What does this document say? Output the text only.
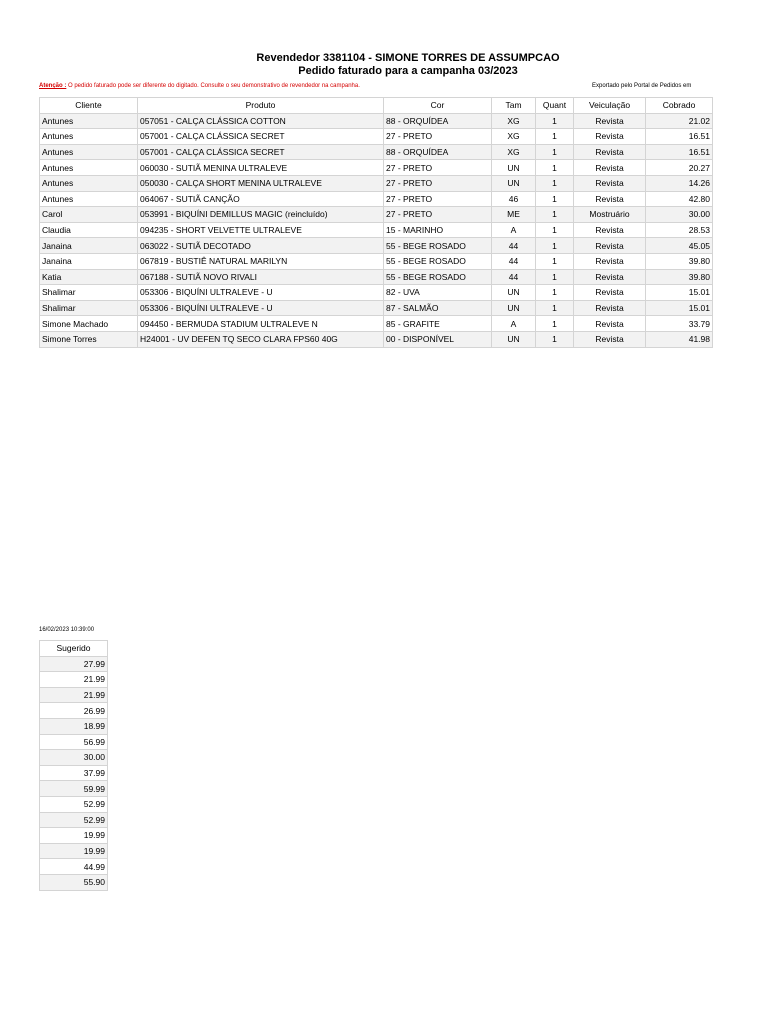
Revendedor 3381104 - SIMONE TORRES DE ASSUMPCAO
Pedido faturado para a campanha 03/2023
Atenção : O pedido faturado pode ser diferente do digitado. Consulte o seu demonstrativo de revendedor na campanha.	Exportado pelo Portal de Pedidos em
Cliente	Produto	Cor	Tam	Quant	Veiculação	Cobrado
Antunes	057051 - CALÇA CLÁSSICA COTTON	88 - ORQUÍDEA	XG	1	Revista	21.02
Antunes	057001 - CALÇA CLÁSSICA SECRET	27 - PRETO	XG	1	Revista	16.51
Antunes	057001 - CALÇA CLÁSSICA SECRET	88 - ORQUÍDEA	XG	1	Revista	16.51
Antunes	060030 - SUTIÃ MENINA ULTRALEVE	27 - PRETO	UN	1	Revista	20.27
Antunes	050030 - CALÇA SHORT MENINA ULTRALEVE	27 - PRETO	UN	1	Revista	14.26
Antunes	064067 - SUTIÃ CANÇÃO	27 - PRETO	46	1	Revista	42.80
Carol	053991 - BIQUÍNI DEMILLUS MAGIC (reincluído)	27 - PRETO	ME	1	Mostruário	30.00
Claudia	094235 - SHORT VELVETTE ULTRALEVE	15 - MARINHO	A	1	Revista	28.53
Janaina	063022 - SUTIÃ DECOTADO	55 - BEGE ROSADO	44	1	Revista	45.05
Janaina	067819 - BUSTIÊ NATURAL MARILYN	55 - BEGE ROSADO	44	1	Revista	39.80
Katia	067188 - SUTIÃ NOVO RIVALI	55 - BEGE ROSADO	44	1	Revista	39.80
Shalimar	053306 - BIQUÍNI ULTRALEVE - U	82 - UVA	UN	1	Revista	15.01
Shalimar	053306 - BIQUÍNI ULTRALEVE - U	87 - SALMÃO	UN	1	Revista	15.01
Simone Machado	094450 - BERMUDA STADIUM ULTRALEVE N	85 - GRAFITE	A	1	Revista	33.79
Simone Torres	H24001 - UV DEFEN TQ SECO CLARA FPS60 40G	00 - DISPONÍVEL	UN	1	Revista	41.98
16/02/2023 10:39:00
Sugerido
27.99
21.99
21.99
26.99
18.99
56.99
30.00
37.99
59.99
52.99
52.99
19.99
19.99
44.99
55.90
